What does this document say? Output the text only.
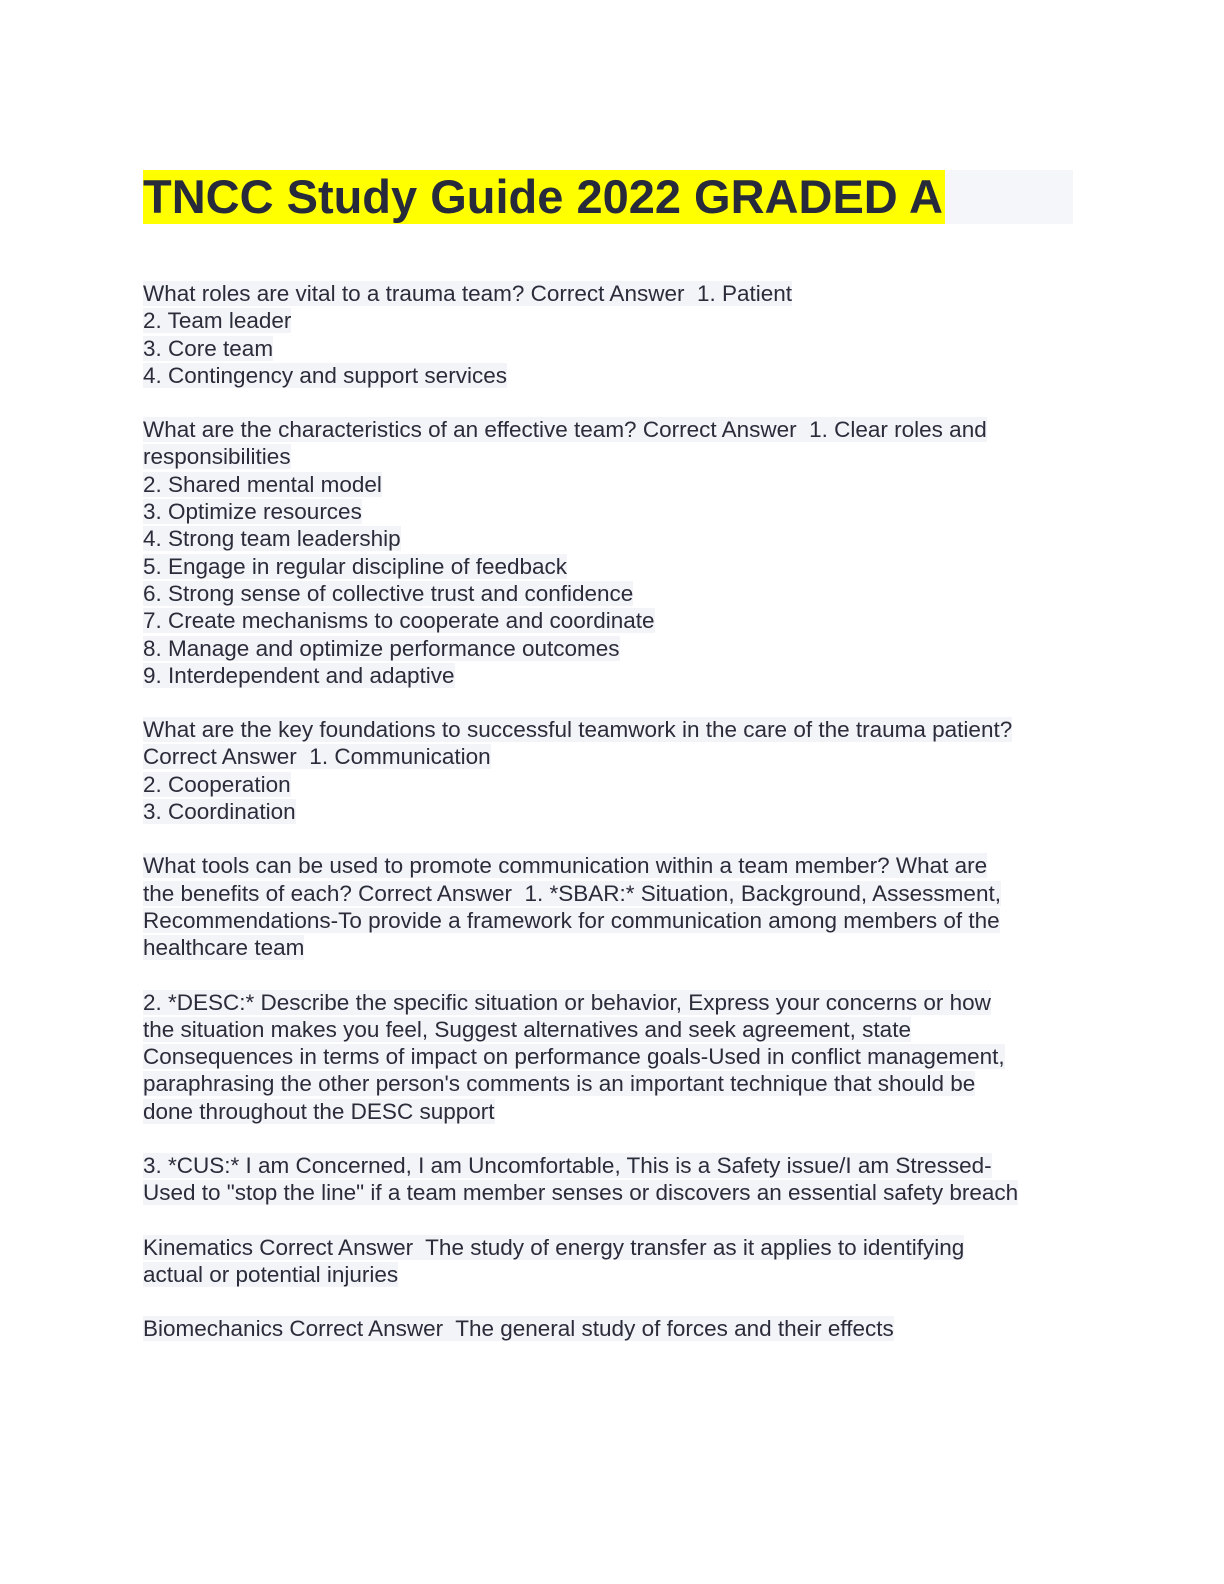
TNCC Study Guide 2022 GRADED A
What roles are vital to a trauma team? Correct Answer  1. Patient
2. Team leader
3. Core team
4. Contingency and support services
What are the characteristics of an effective team? Correct Answer  1. Clear roles and
responsibilities
2. Shared mental model
3. Optimize resources
4. Strong team leadership
5. Engage in regular discipline of feedback
6. Strong sense of collective trust and confidence
7. Create mechanisms to cooperate and coordinate
8. Manage and optimize performance outcomes
9. Interdependent and adaptive
What are the key foundations to successful teamwork in the care of the trauma patient?
Correct Answer  1. Communication
2. Cooperation
3. Coordination
What tools can be used to promote communication within a team member? What are
the benefits of each? Correct Answer  1. *SBAR:* Situation, Background, Assessment,
Recommendations-To provide a framework for communication among members of the
healthcare team
2. *DESC:* Describe the specific situation or behavior, Express your concerns or how
the situation makes you feel, Suggest alternatives and seek agreement, state
Consequences in terms of impact on performance goals-Used in conflict management,
paraphrasing the other person's comments is an important technique that should be
done throughout the DESC support
3. *CUS:* I am Concerned, I am Uncomfortable, This is a Safety issue/I am Stressed-
Used to "stop the line" if a team member senses or discovers an essential safety breach
Kinematics Correct Answer  The study of energy transfer as it applies to identifying
actual or potential injuries
Biomechanics Correct Answer  The general study of forces and their effects
